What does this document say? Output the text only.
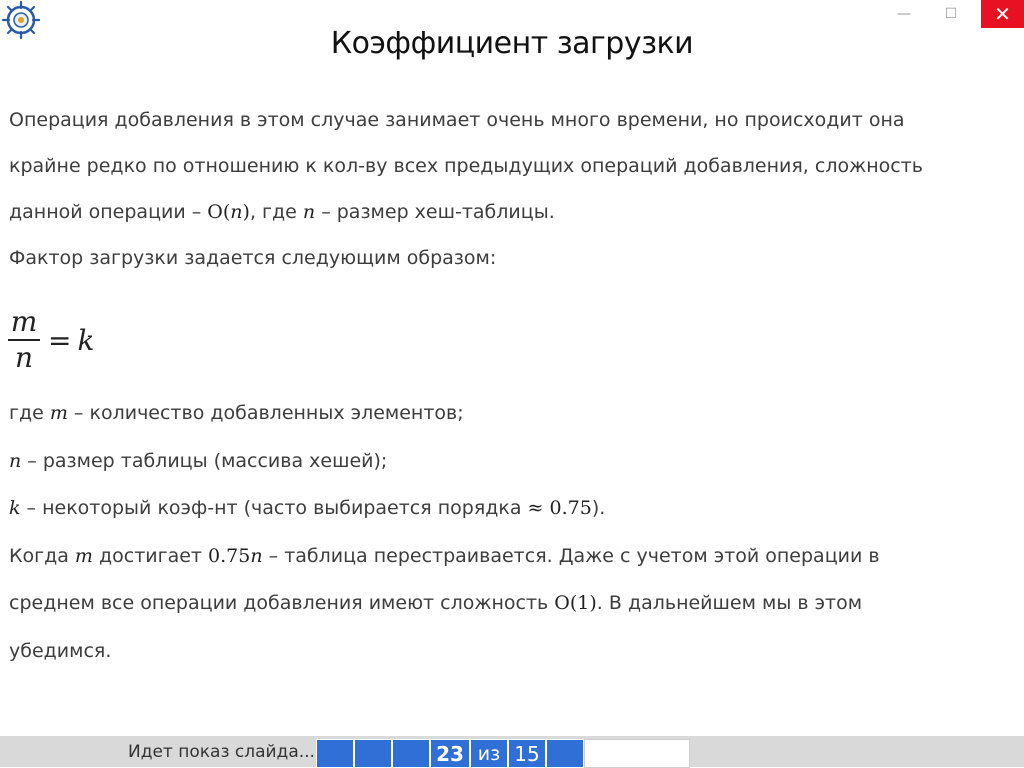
—	☐	✕
Коэффициент загрузки

Операция добавления в этом случае занимает очень много времени, но происходит она

крайне редко по отношению к кол-ву всех предыдущих операций добавления, сложность

данной операции – O(n), где n – размер хеш-таблицы.

Фактор загрузки задается следующим образом:

$\frac{m}{n} = k$

где m – количество добавленных элементов;

n – размер таблицы (массива хешей);

k – некоторый коэф-нт (часто выбирается порядка ≈ 0.75).

Когда m достигает 0.75n – таблица перестраивается. Даже с учетом этой операции в

среднем все операции добавления имеют сложность O(1). В дальнейшем мы в этом

убедимся.

Идет показ слайда...	23 из 15
